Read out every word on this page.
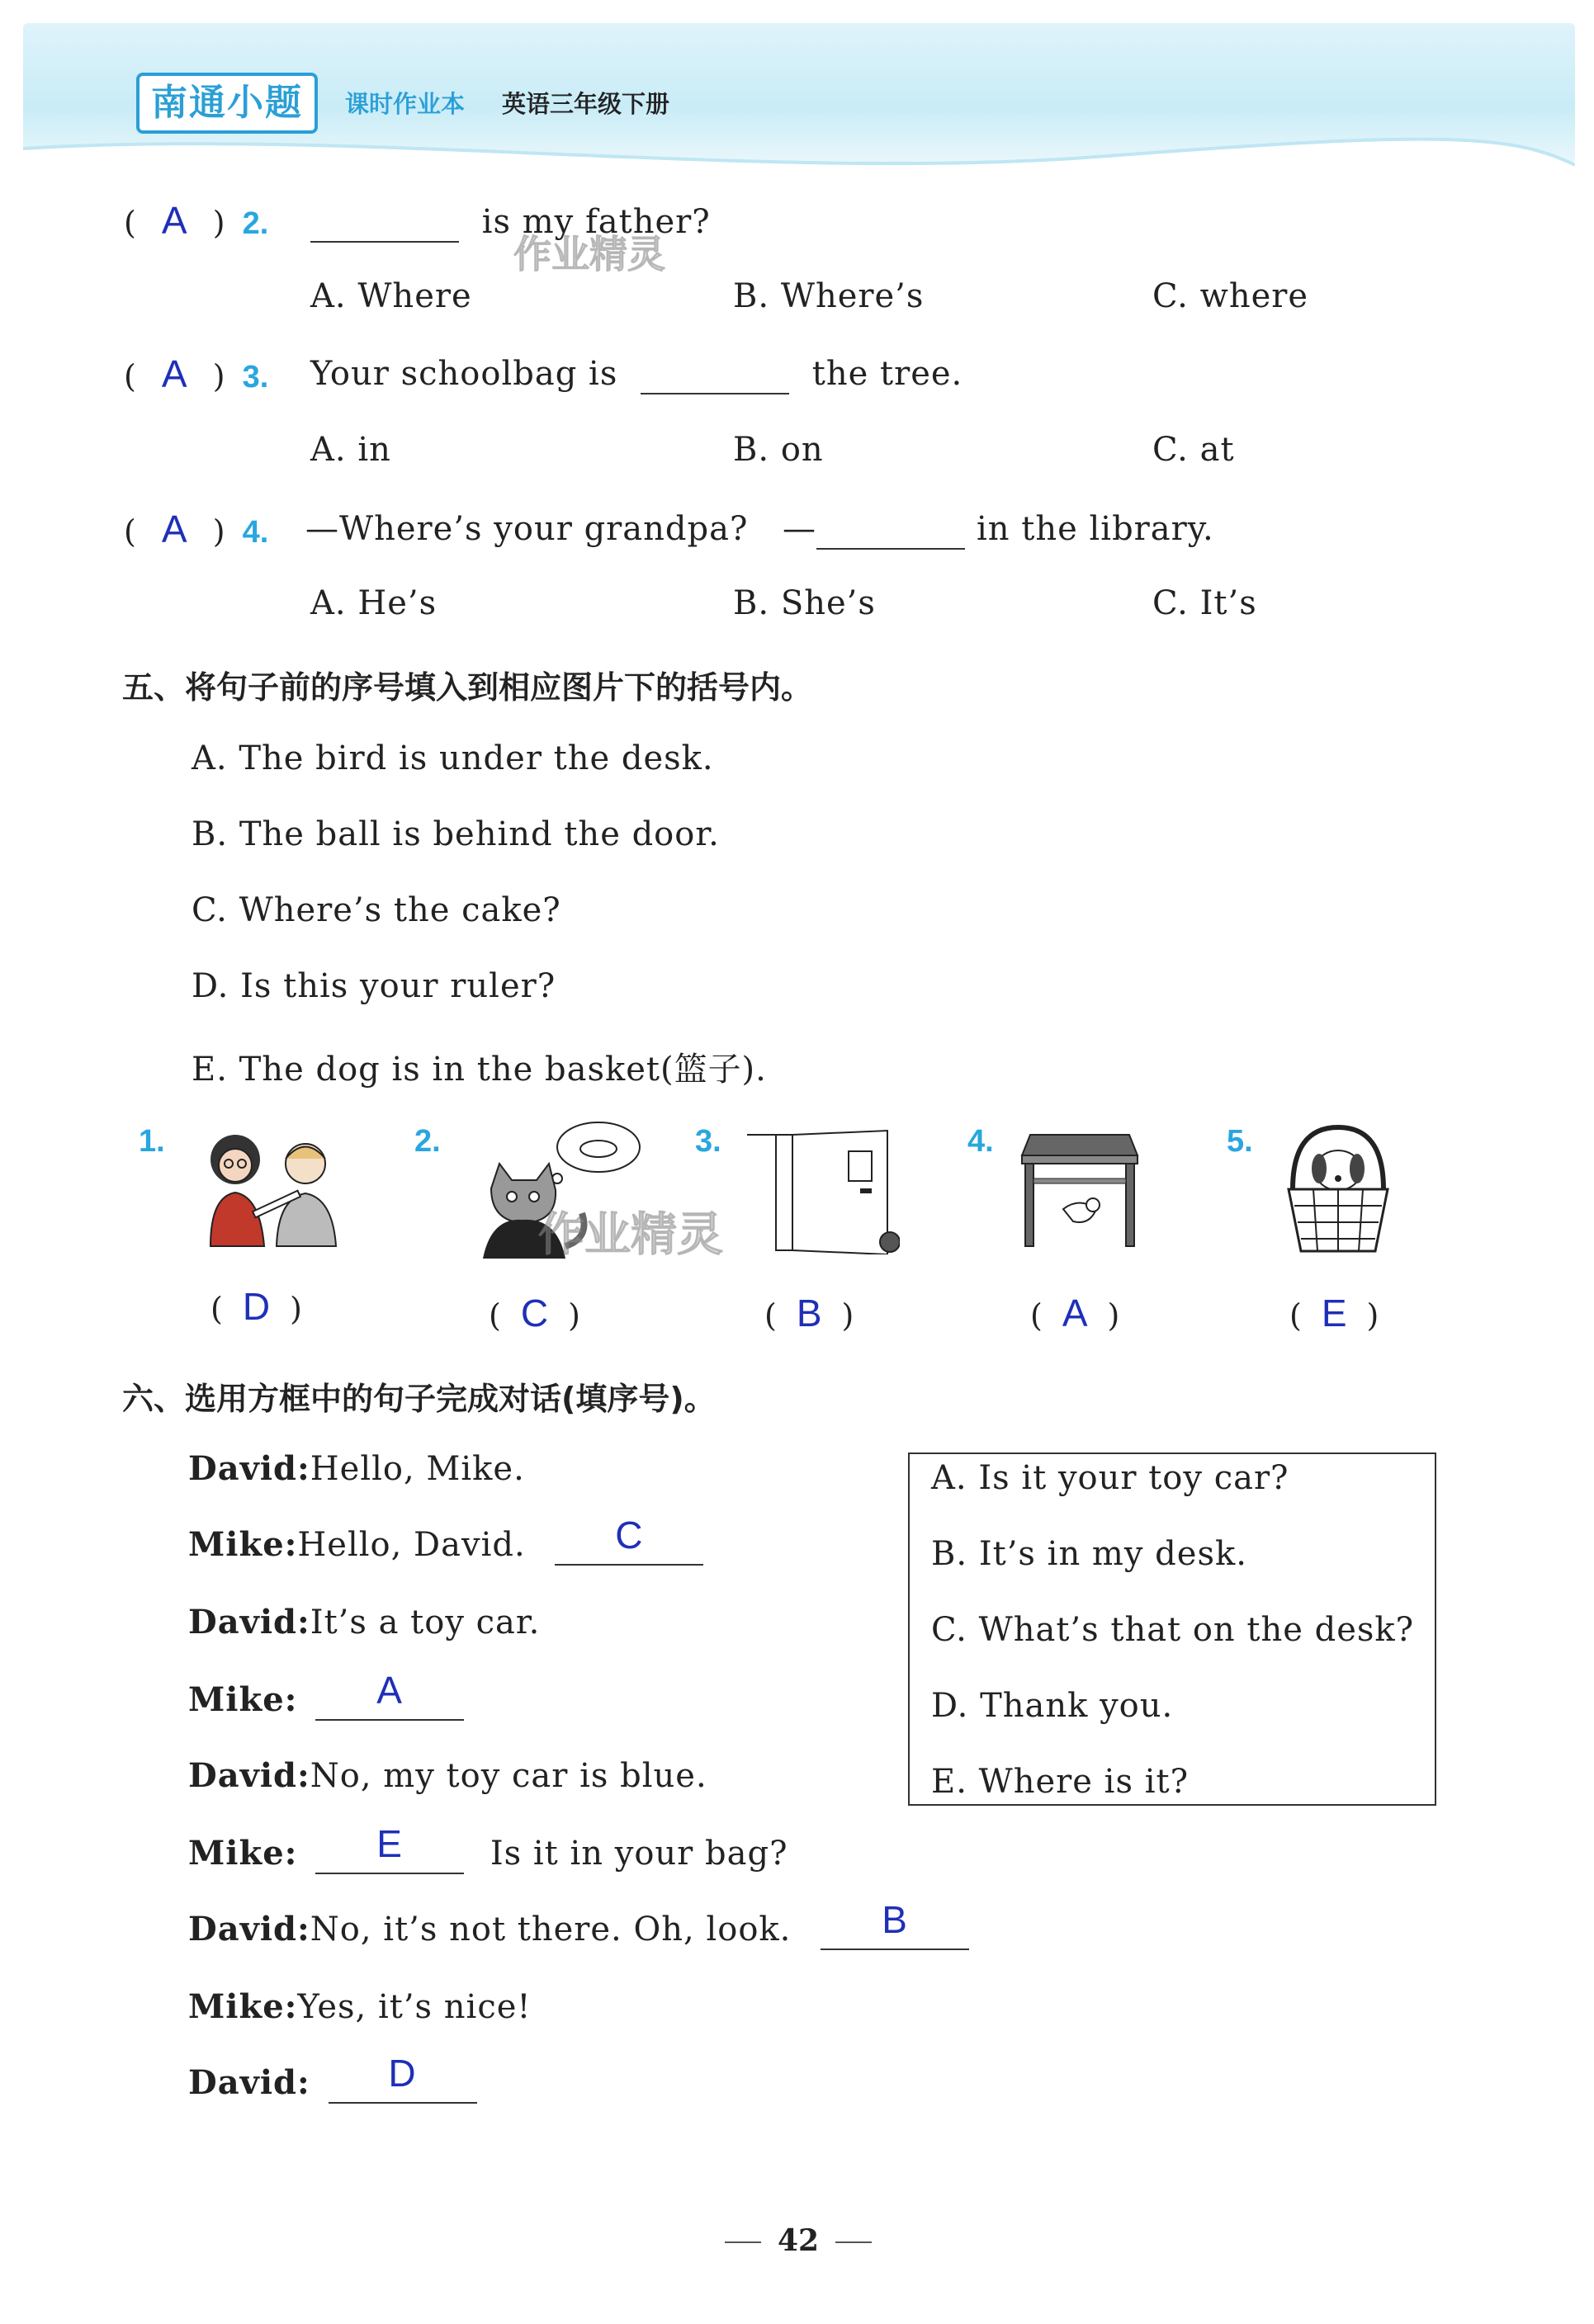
南通小题	课时作业本 英语三年级下册
( A ) 2.	is my father?
A. Where	B. Where’s	C. where
( A ) 3. Your schoolbag is	the tree.
A. in	B. on	C. at
( A ) 4. —Where’s your grandpa? —	in the library.
A. He’s	B. She’s	C. It’s
五、将句子前的序号填入到相应图片下的括号内。
A. The bird is under the desk.
B. The ball is behind the door.
C. Where’s the cake?
D. Is this your ruler?
E. The dog is in the basket(篮子).
1.	2.	3.	4.	5.
作业精灵
作业精灵
( D )	( C )	( B )	( A )	( E )
六、选用方框中的句子完成对话(填序号)。
David:Hello, Mike.
Mike:Hello, David.	C

David:It’s a toy car.
Mike:	A

David:No, my toy car is blue.
Mike:	E	Is it in your bag?
David:No, it’s not there. Oh, look.	B

Mike:Yes, it’s nice!
David:	D

A. Is it your toy car?
B. It’s in my desk.
C. What’s that on the desk?
D. Thank you.
E. Where is it?
42
